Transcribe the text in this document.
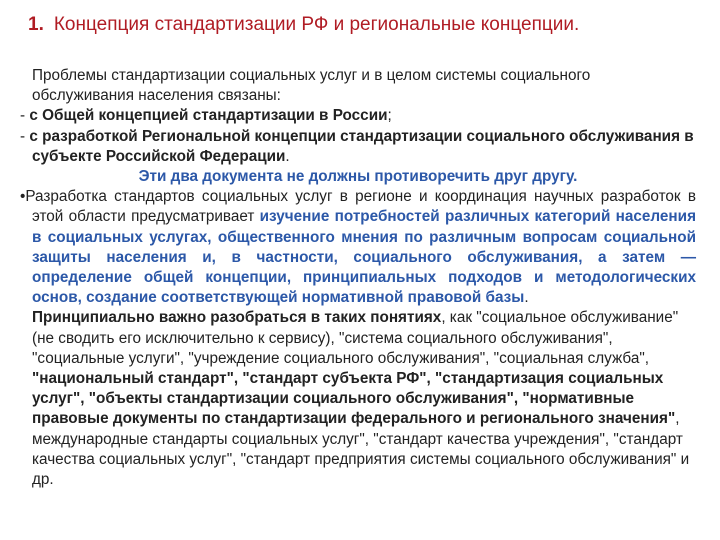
1. Концепция стандартизации РФ и региональные концепции.

Проблемы стандартизации социальных услуг и в целом системы социального обслуживания населения связаны:

- с Общей концепцией стандартизации в России;

- с разработкой Региональной концепции стандартизации социального обслуживания в субъекте Российской Федерации.

Эти два документа не должны противоречить друг другу.

•Разработка стандартов социальных услуг в регионе и координация научных разработок в этой области предусматривает изучение потребностей различных категорий населения в социальных услугах, общественного мнения по различным вопросам социальной защиты населения и, в частности, социального обслуживания, а затем — определение общей концепции, принципиальных подходов и методологических основ, создание соответствующей нормативной правовой базы.

Принципиально важно разобраться в таких понятиях, как "социальное обслуживание" (не сводить его исключительно к сервису), "система социального обслуживания", "социальные услуги", "учреждение социального обслуживания", "социальная служба", "национальный стандарт", "стандарт субъекта РФ", "стандартизация социальных услуг", "объекты стандартизации социального обслуживания", "нормативные правовые документы по стандартизации федерального и регионального значения", международные стандарты социальных услуг", "стандарт качества учреждения", "стандарт качества социальных услуг", "стандарт предприятия системы социального обслуживания" и др.
